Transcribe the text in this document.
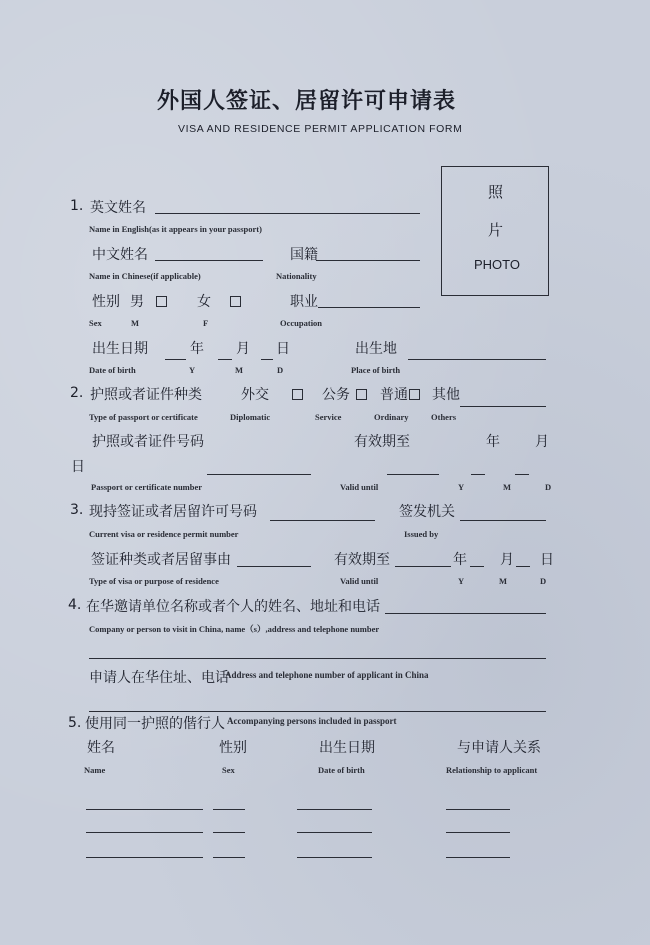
外国人签证、居留许可申请表
VISA AND RESIDENCE PERMIT APPLICATION FORM
照
片
PHOTO
1. 英文姓名
Name in English(as it appears in your passport)
中文姓名	国籍
Name in Chinese(if applicable)	Nationality
性别 男	女	职业
Sex	M	F	Occupation
出生日期	年 月 日	出生地
Date of birth	Y	M	D	Place of birth
2. 护照或者证件种类	外交	公务 普通 其他
Type of passport or certificate	Diplomatic	Service	Ordinary	Others
护照或者证件号码	有效期至	年	月
日
Passport or certificate number	Valid until	Y	M	D
3. 现持签证或者居留许可号码	签发机关
Current visa or residence permit number	Issued by
签证种类或者居留事由	有效期至	年 月 日
Type of visa or purpose of residence	Valid until	Y	M	D
4. 在华邀请单位名称或者个人的姓名、地址和电话
Company or person to visit in China, name（s）,address and telephone number
申请人在华住址、电话
Address and telephone number of applicant in China
5. 使用同一护照的偕行人 Accompanying persons included in passport
姓名	性别	出生日期	与申请人关系
Name	Sex	Date of birth	Relationship to applicant
